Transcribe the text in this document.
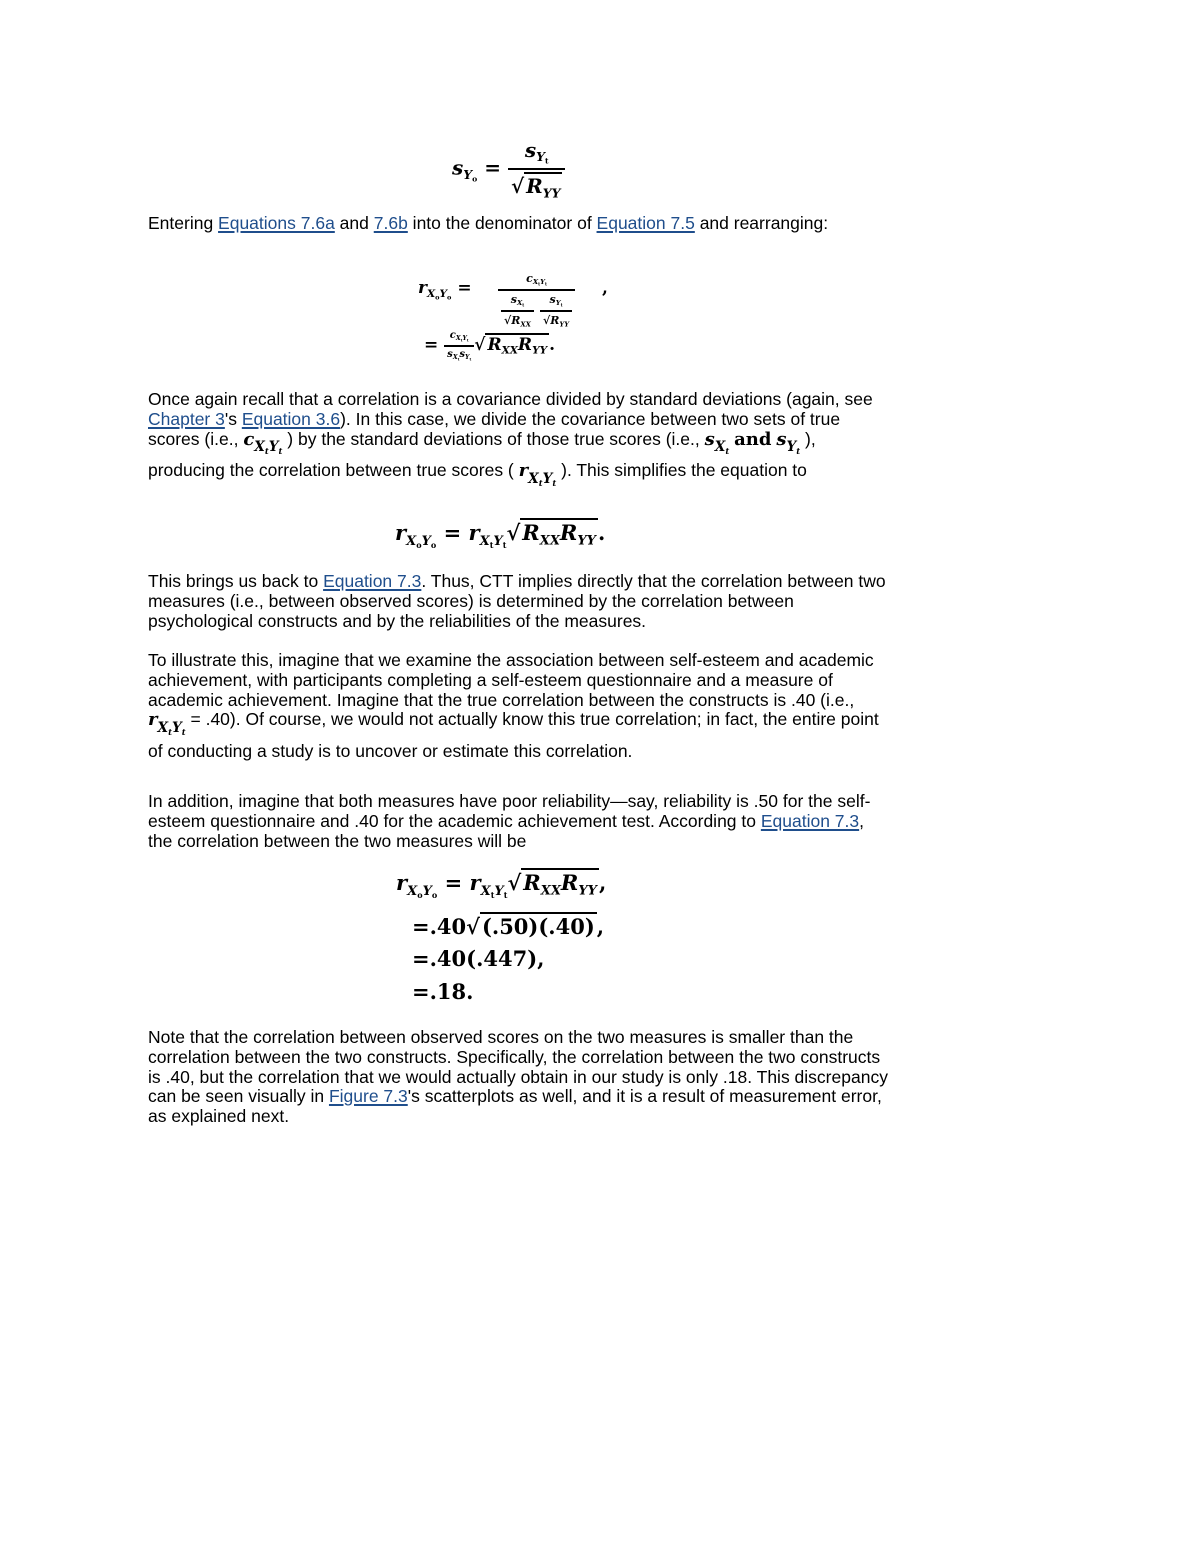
$s_{Y_o} = \frac{s_{Y_t}}{√ R_{YY}}$

Entering Equations 7.6a and 7.6b into the denominator of Equation 7.5 and rearranging:

$r_{X_oY_o} = \frac{c_{X_tY_t}}{\frac{s_{X_t}}{√R_{XX}} \frac{s_{Y_t}}{√R_{YY}}}$ ,
= $\frac{c_{X_tY_t}}{s_{X_t}s_{Y_t}}$ √ $R_{XX}R_{YY}$ .

Once again recall that a correlation is a covariance divided by standard deviations (again, see Chapter 3's Equation 3.6). In this case, we divide the covariance between two sets of true scores (i.e., $c_{X_tY_t}$ ) by the standard deviations of those true scores (i.e., $s_{X_t}$ and $s_{Y_t}$ ), producing the correlation between true scores ( $r_{X_tY_t}$ ). This simplifies the equation to

$r_{X_oY_o} = r_{X_tY_t}√R_{XX}R_{YY}$.

This brings us back to Equation 7.3. Thus, CTT implies directly that the correlation between two measures (i.e., between observed scores) is determined by the correlation between psychological constructs and by the reliabilities of the measures.

To illustrate this, imagine that we examine the association between self-esteem and academic achievement, with participants completing a self-esteem questionnaire and a measure of academic achievement. Imagine that the true correlation between the constructs is .40 (i.e., $r_{X_tY_t} = .40$). Of course, we would not actually know this true correlation; in fact, the entire point of conducting a study is to uncover or estimate this correlation.

In addition, imagine that both measures have poor reliability—say, reliability is .50 for the self-esteem questionnaire and .40 for the academic achievement test. According to Equation 7.3, the correlation between the two measures will be

$r_{X_oY_o} = r_{X_tY_t}√R_{XX}R_{YY}$,
=.40√(.50)(.40),
=.40(.447),
=.18.

Note that the correlation between observed scores on the two measures is smaller than the correlation between the two constructs. Specifically, the correlation between the two constructs is .40, but the correlation that we would actually obtain in our study is only .18. This discrepancy can be seen visually in Figure 7.3's scatterplots as well, and it is a result of measurement error, as explained next.
